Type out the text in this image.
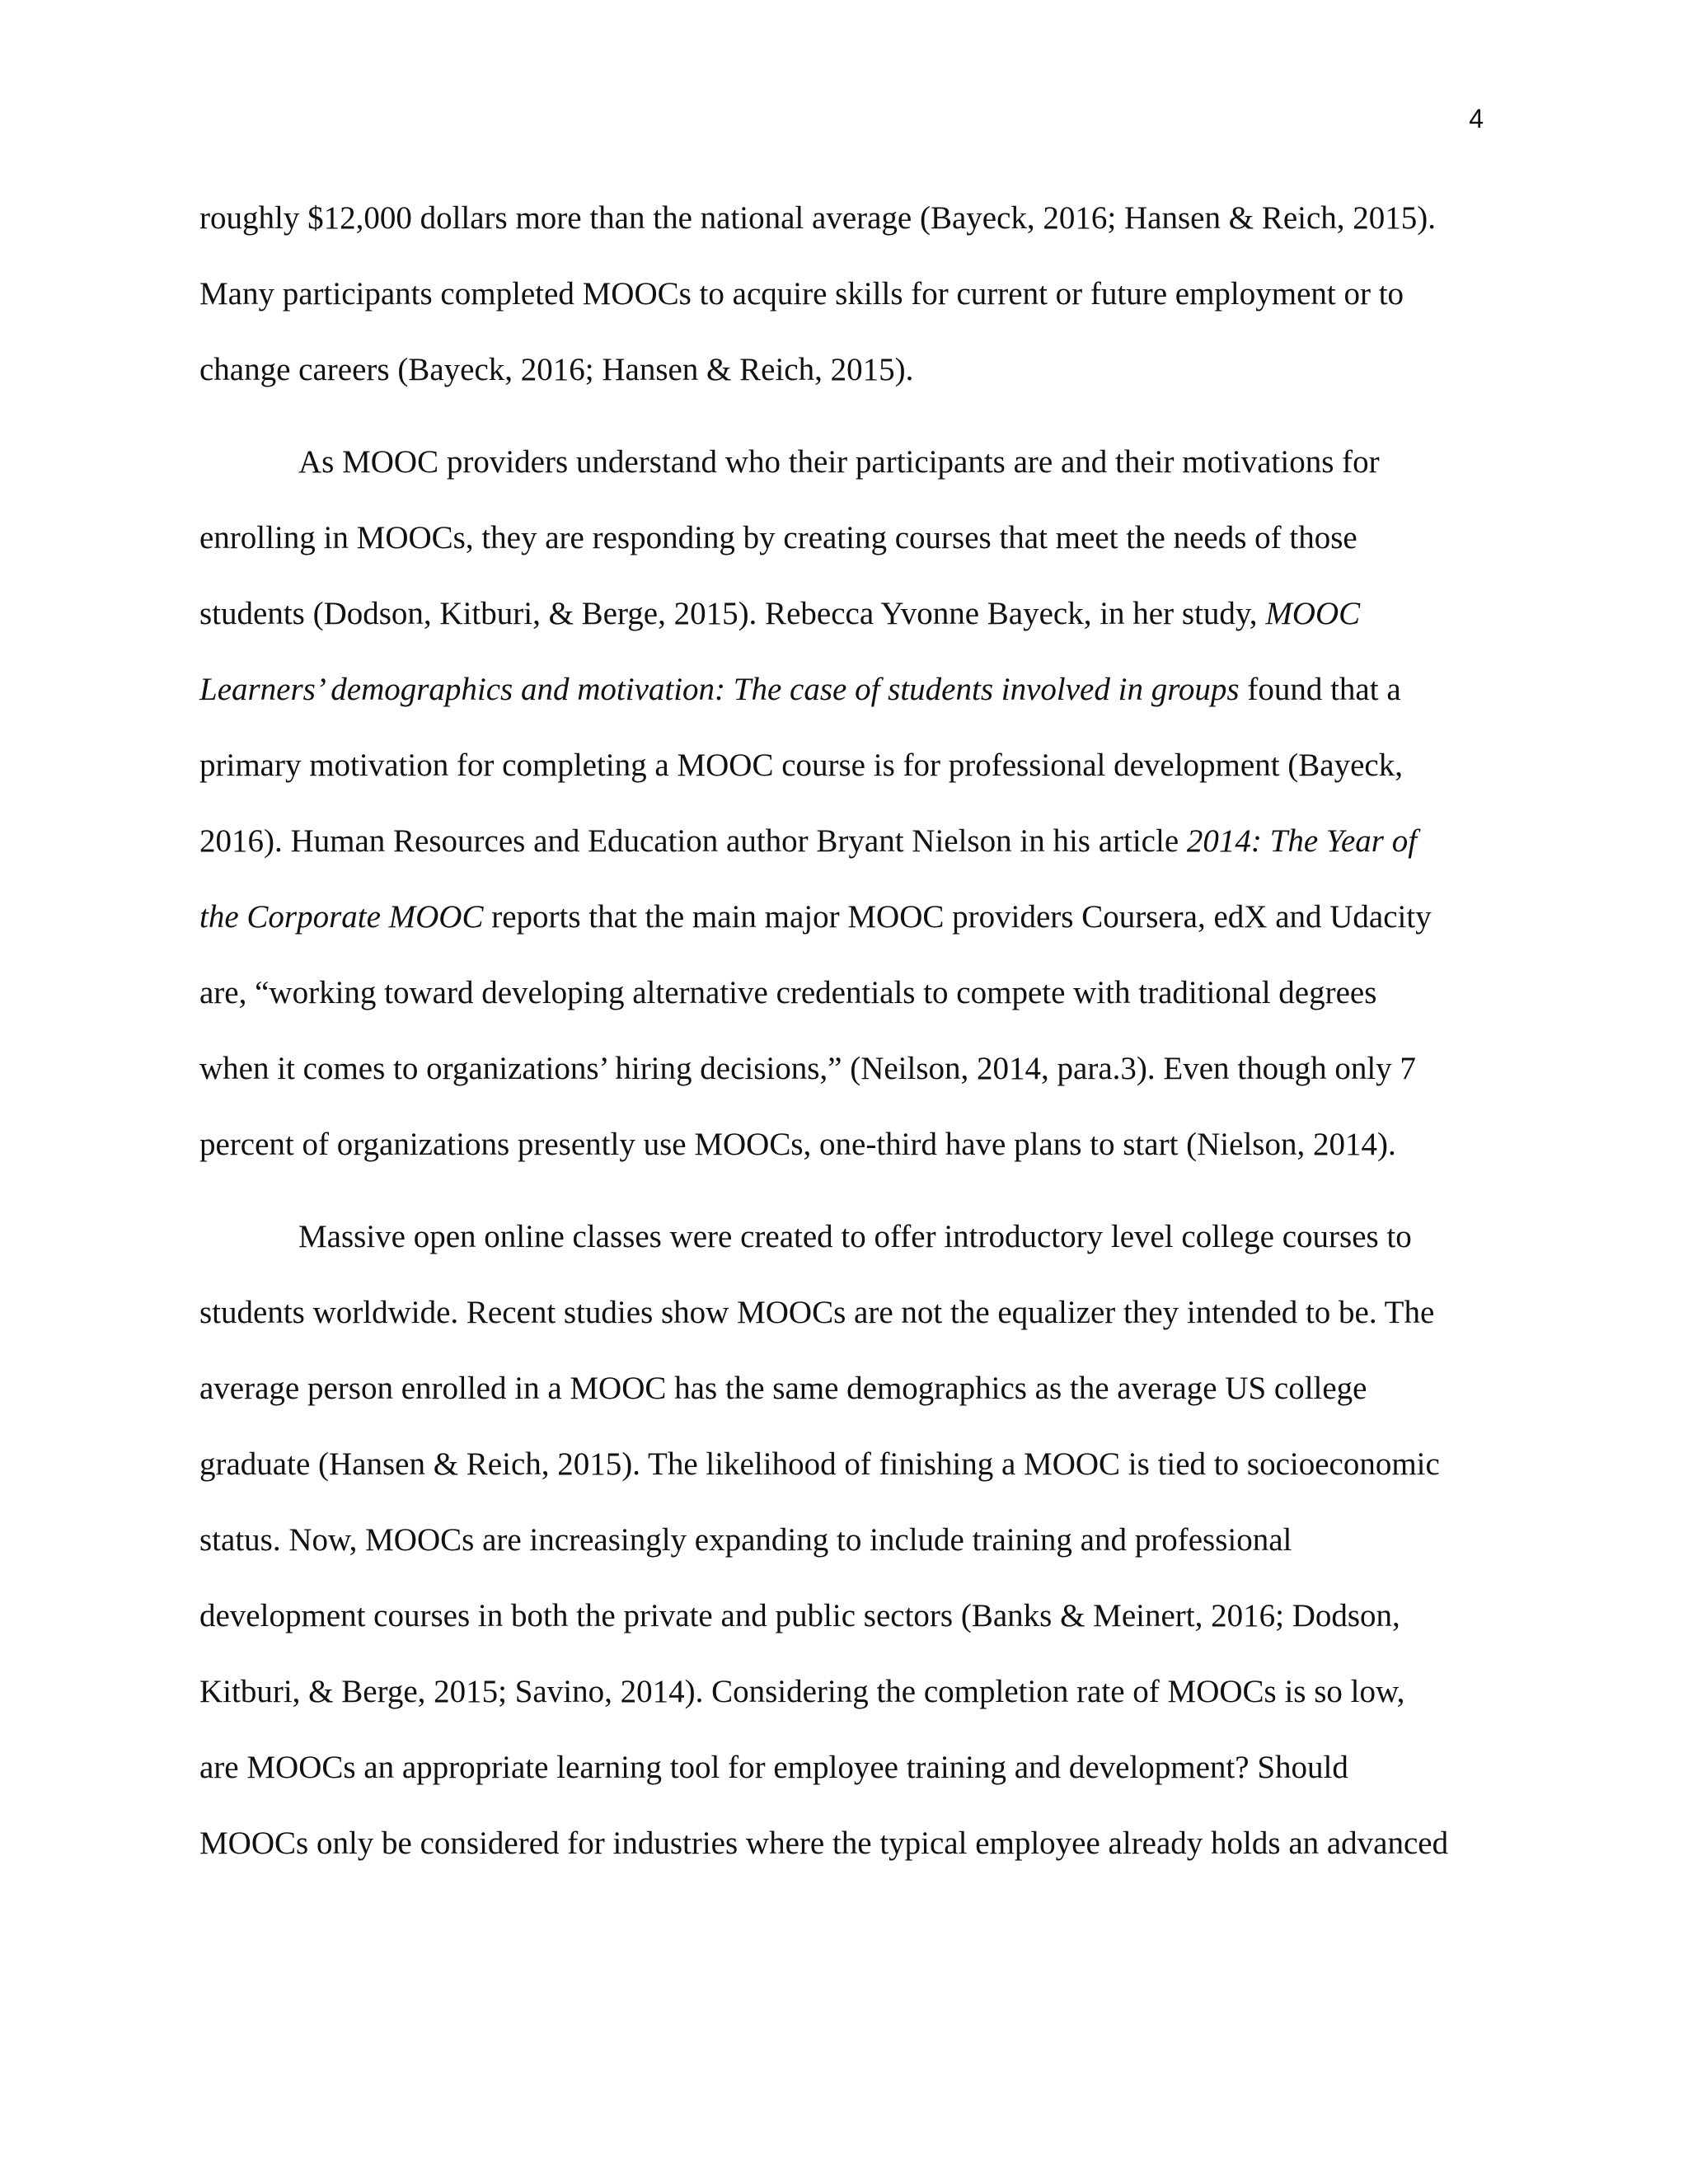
4
roughly $12,000 dollars more than the national average (Bayeck, 2016; Hansen & Reich, 2015).
Many participants completed MOOCs to acquire skills for current or future employment or to
change careers (Bayeck, 2016; Hansen & Reich, 2015).
As MOOC providers understand who their participants are and their motivations for
enrolling in MOOCs, they are responding by creating courses that meet the needs of those
students (Dodson, Kitburi, & Berge, 2015). Rebecca Yvonne Bayeck, in her study, MOOC
Learners’ demographics and motivation: The case of students involved in groups found that a
primary motivation for completing a MOOC course is for professional development (Bayeck,
2016). Human Resources and Education author Bryant Nielson in his article 2014: The Year of
the Corporate MOOC reports that the main major MOOC providers Coursera, edX and Udacity
are, “working toward developing alternative credentials to compete with traditional degrees
when it comes to organizations’ hiring decisions,” (Neilson, 2014, para.3). Even though only 7
percent of organizations presently use MOOCs, one-third have plans to start (Nielson, 2014).
Massive open online classes were created to offer introductory level college courses to
students worldwide. Recent studies show MOOCs are not the equalizer they intended to be. The
average person enrolled in a MOOC has the same demographics as the average US college
graduate (Hansen & Reich, 2015). The likelihood of finishing a MOOC is tied to socioeconomic
status. Now, MOOCs are increasingly expanding to include training and professional
development courses in both the private and public sectors (Banks & Meinert, 2016; Dodson,
Kitburi, & Berge, 2015; Savino, 2014). Considering the completion rate of MOOCs is so low,
are MOOCs an appropriate learning tool for employee training and development? Should
MOOCs only be considered for industries where the typical employee already holds an advanced
